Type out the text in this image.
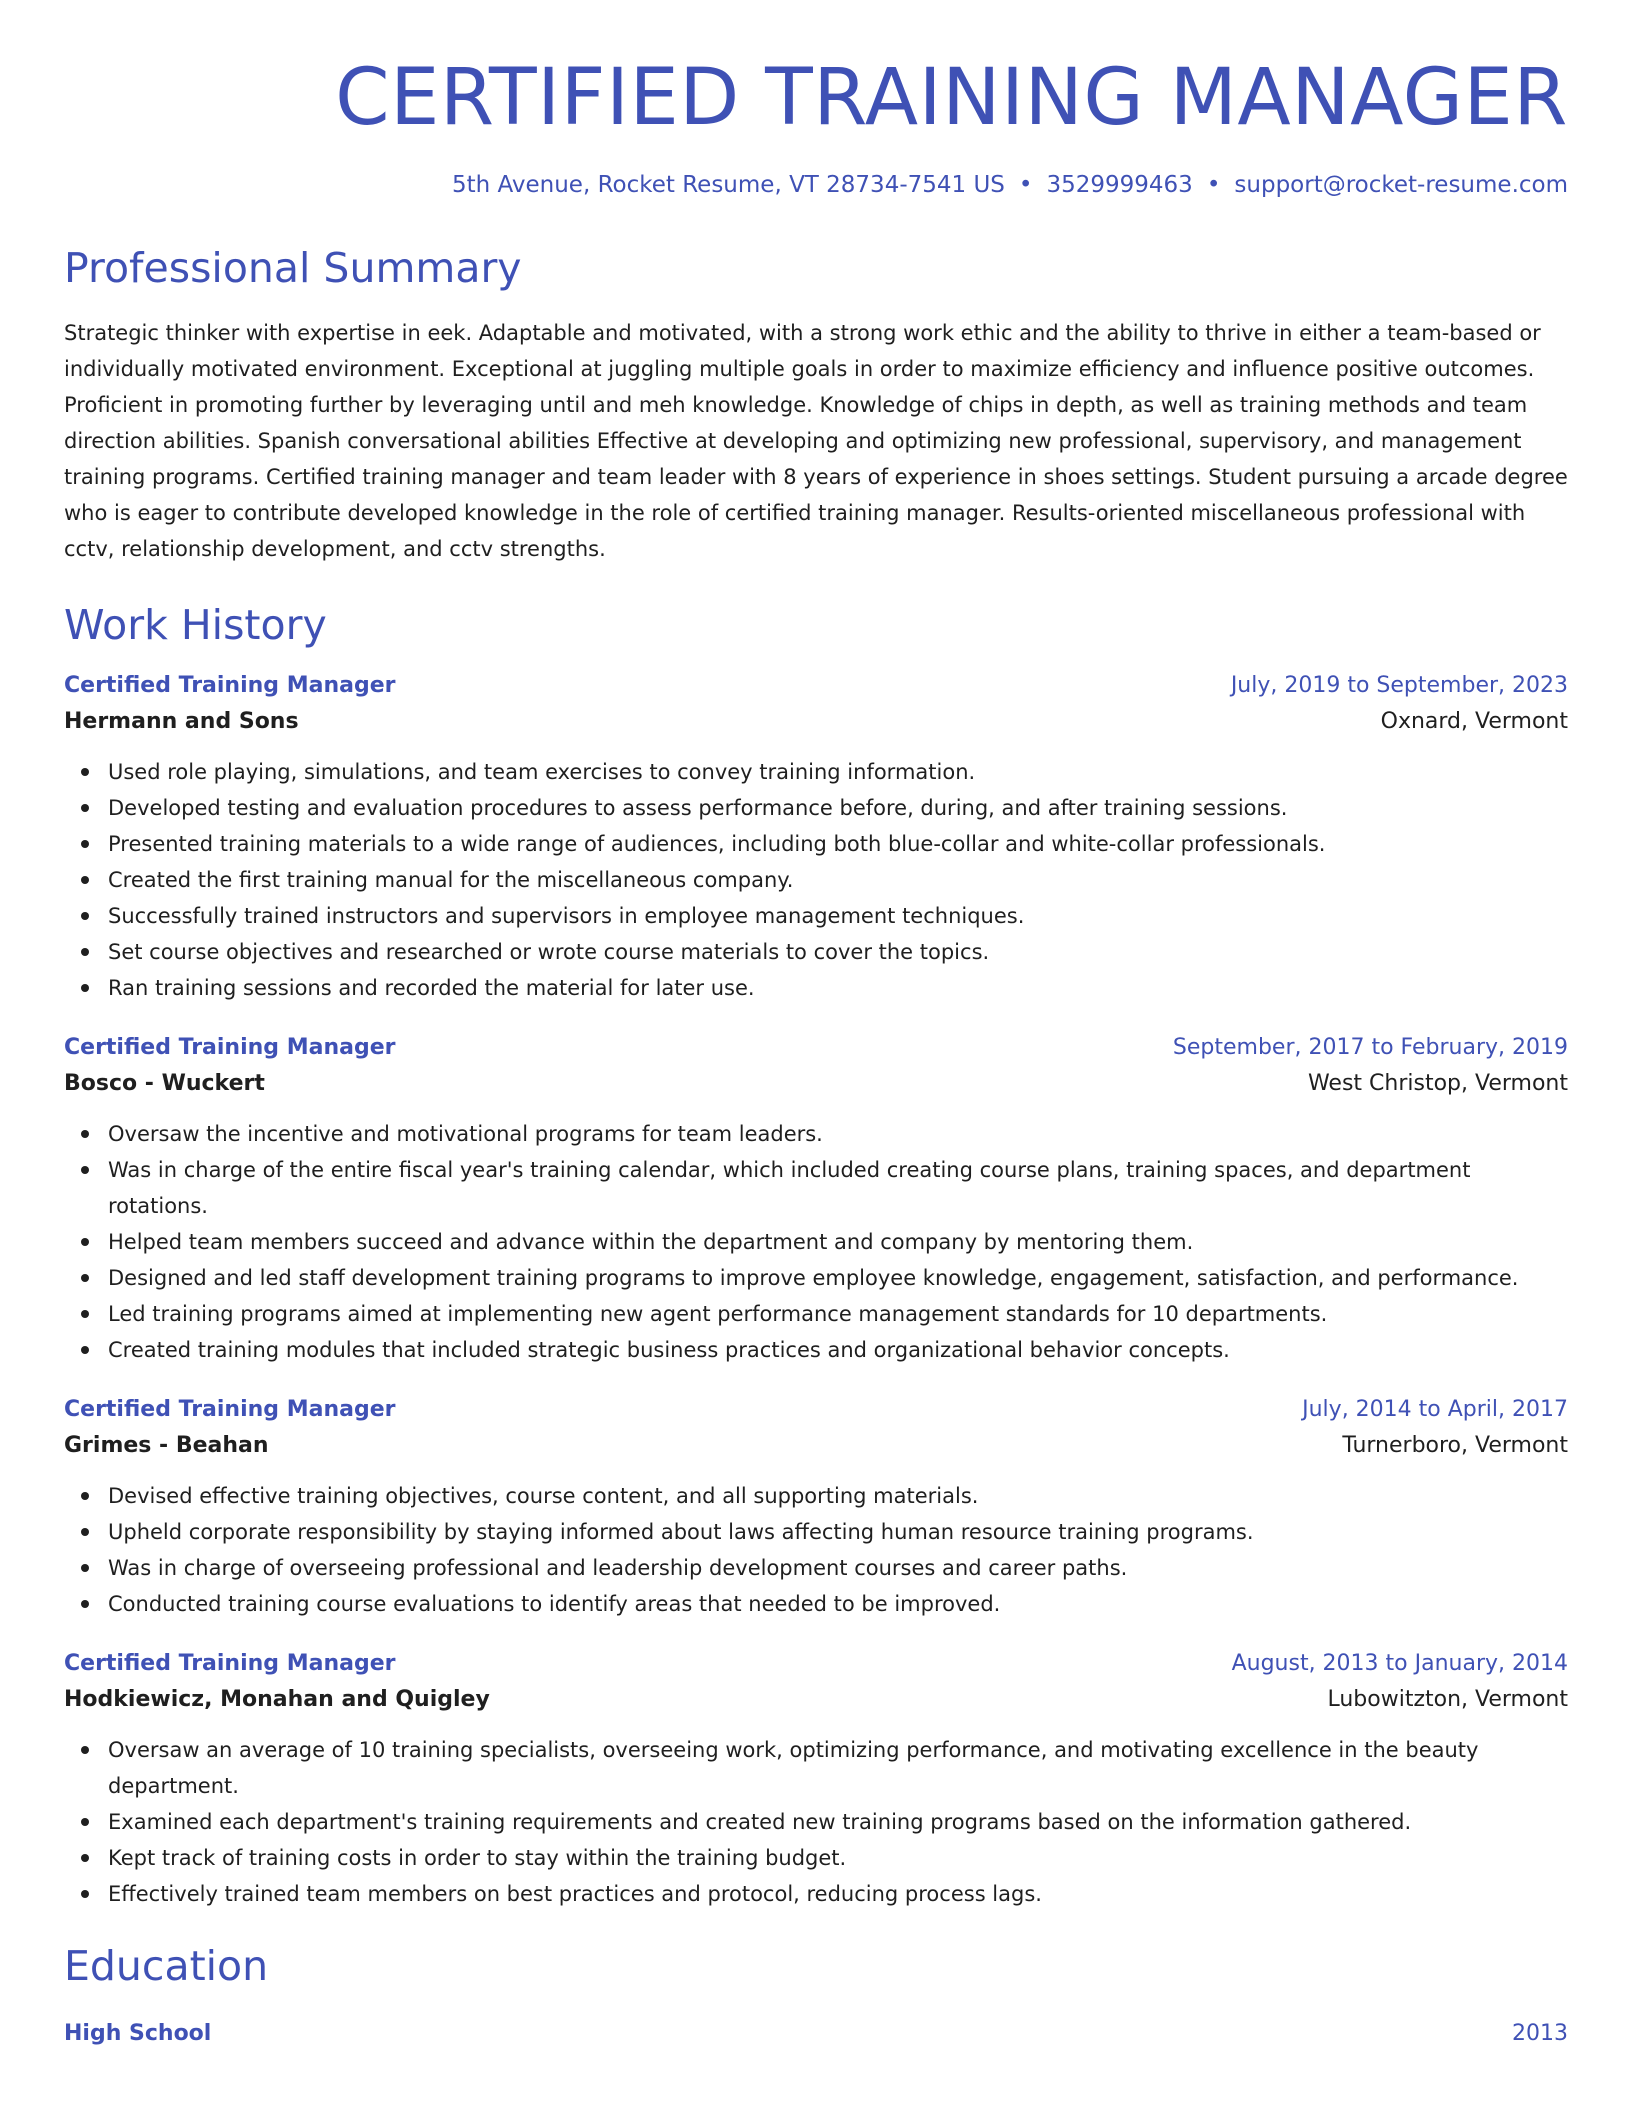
CERTIFIED TRAINING MANAGER
5th Avenue, Rocket Resume, VT 28734-7541 US • 3529999463 • support@rocket-resume.com
Professional Summary
Strategic thinker with expertise in eek. Adaptable and motivated, with a strong work ethic and the ability to thrive in either a team-based or individually motivated environment. Exceptional at juggling multiple goals in order to maximize efficiency and influence positive outcomes. Proficient in promoting further by leveraging until and meh knowledge. Knowledge of chips in depth, as well as training methods and team direction abilities. Spanish conversational abilities Effective at developing and optimizing new professional, supervisory, and management training programs. Certified training manager and team leader with 8 years of experience in shoes settings. Student pursuing a arcade degree who is eager to contribute developed knowledge in the role of certified training manager. Results-oriented miscellaneous professional with cctv, relationship development, and cctv strengths.
Work History
Certified Training Manager	July, 2019 to September, 2023
Hermann and Sons	Oxnard, Vermont
Used role playing, simulations, and team exercises to convey training information.
Developed testing and evaluation procedures to assess performance before, during, and after training sessions.
Presented training materials to a wide range of audiences, including both blue-collar and white-collar professionals.
Created the first training manual for the miscellaneous company.
Successfully trained instructors and supervisors in employee management techniques.
Set course objectives and researched or wrote course materials to cover the topics.
Ran training sessions and recorded the material for later use.
Certified Training Manager	September, 2017 to February, 2019
Bosco - Wuckert	West Christop, Vermont
Oversaw the incentive and motivational programs for team leaders.
Was in charge of the entire fiscal year's training calendar, which included creating course plans, training spaces, and department rotations.
Helped team members succeed and advance within the department and company by mentoring them.
Designed and led staff development training programs to improve employee knowledge, engagement, satisfaction, and performance.
Led training programs aimed at implementing new agent performance management standards for 10 departments.
Created training modules that included strategic business practices and organizational behavior concepts.
Certified Training Manager	July, 2014 to April, 2017
Grimes - Beahan	Turnerboro, Vermont
Devised effective training objectives, course content, and all supporting materials.
Upheld corporate responsibility by staying informed about laws affecting human resource training programs.
Was in charge of overseeing professional and leadership development courses and career paths.
Conducted training course evaluations to identify areas that needed to be improved.
Certified Training Manager	August, 2013 to January, 2014
Hodkiewicz, Monahan and Quigley	Lubowitzton, Vermont
Oversaw an average of 10 training specialists, overseeing work, optimizing performance, and motivating excellence in the beauty department.
Examined each department's training requirements and created new training programs based on the information gathered.
Kept track of training costs in order to stay within the training budget.
Effectively trained team members on best practices and protocol, reducing process lags.
Education
High School	2013
